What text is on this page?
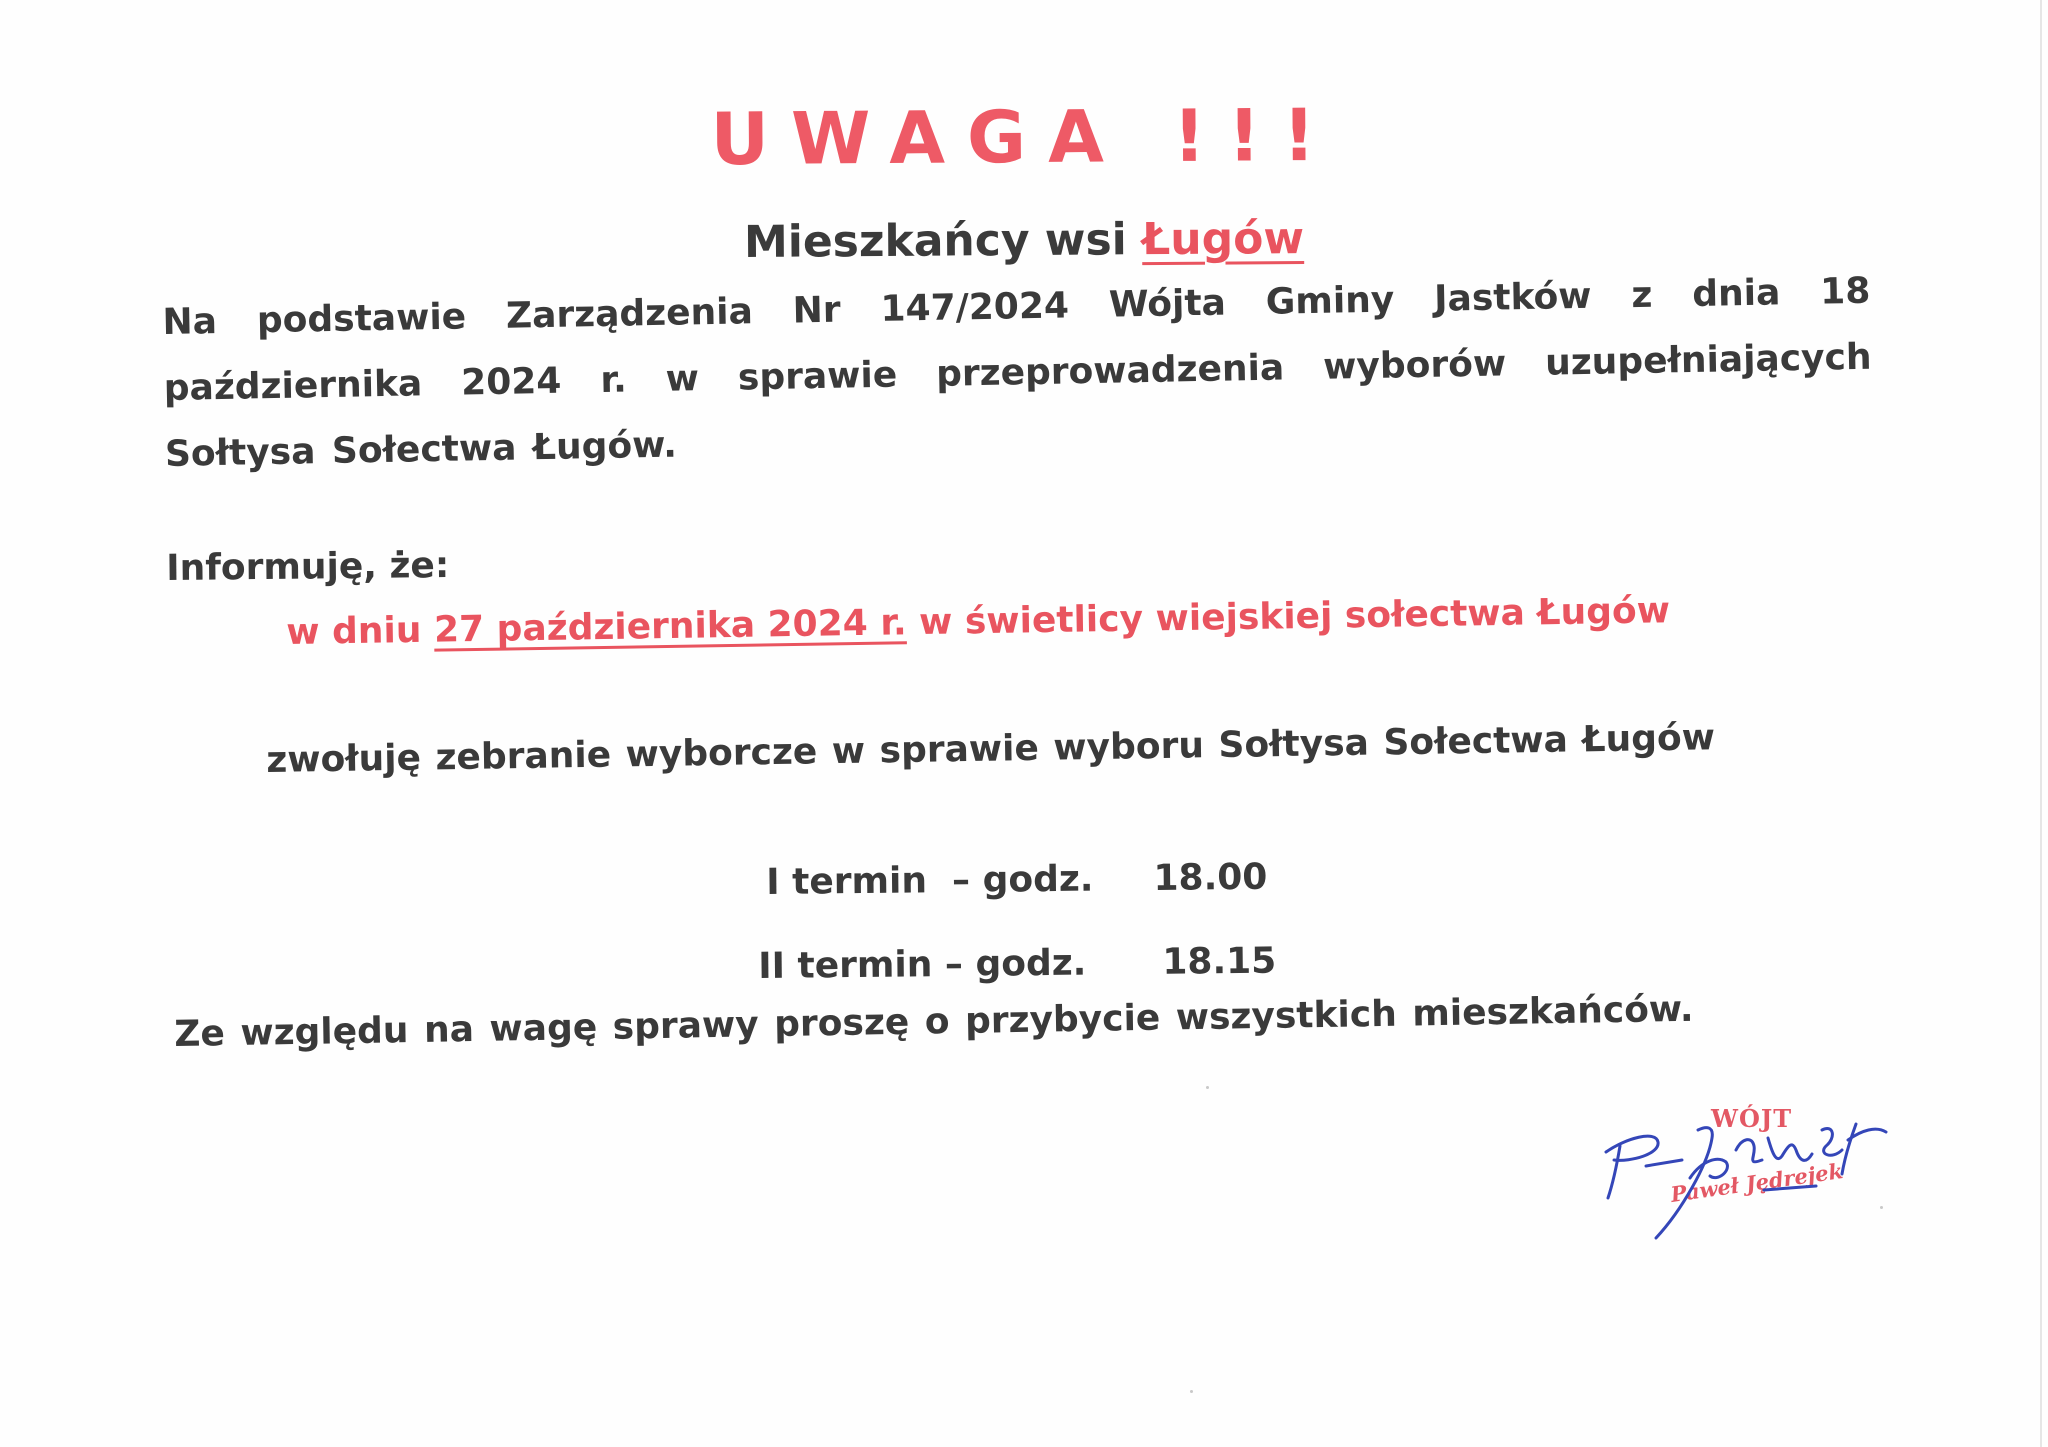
UWAGA !!!
Mieszkańcy wsi Ługów
Na podstawie Zarządzenia Nr 147/2024 Wójta Gminy Jastków z dnia 18 października 2024 r. w sprawie przeprowadzenia wyborów uzupełniających Sołtysa Sołectwa Ługów.
Informuję, że:
w dniu 27 października 2024 r. w świetlicy wiejskiej sołectwa Ługów
zwołuję zebranie wyborcze w sprawie wyboru Sołtysa Sołectwa Ługów
I termin  – godz. 18.00
II termin – godz. 18.15
Ze względu na wagę sprawy proszę o przybycie wszystkich mieszkańców.
WÓJT
Paweł Jędrejek
